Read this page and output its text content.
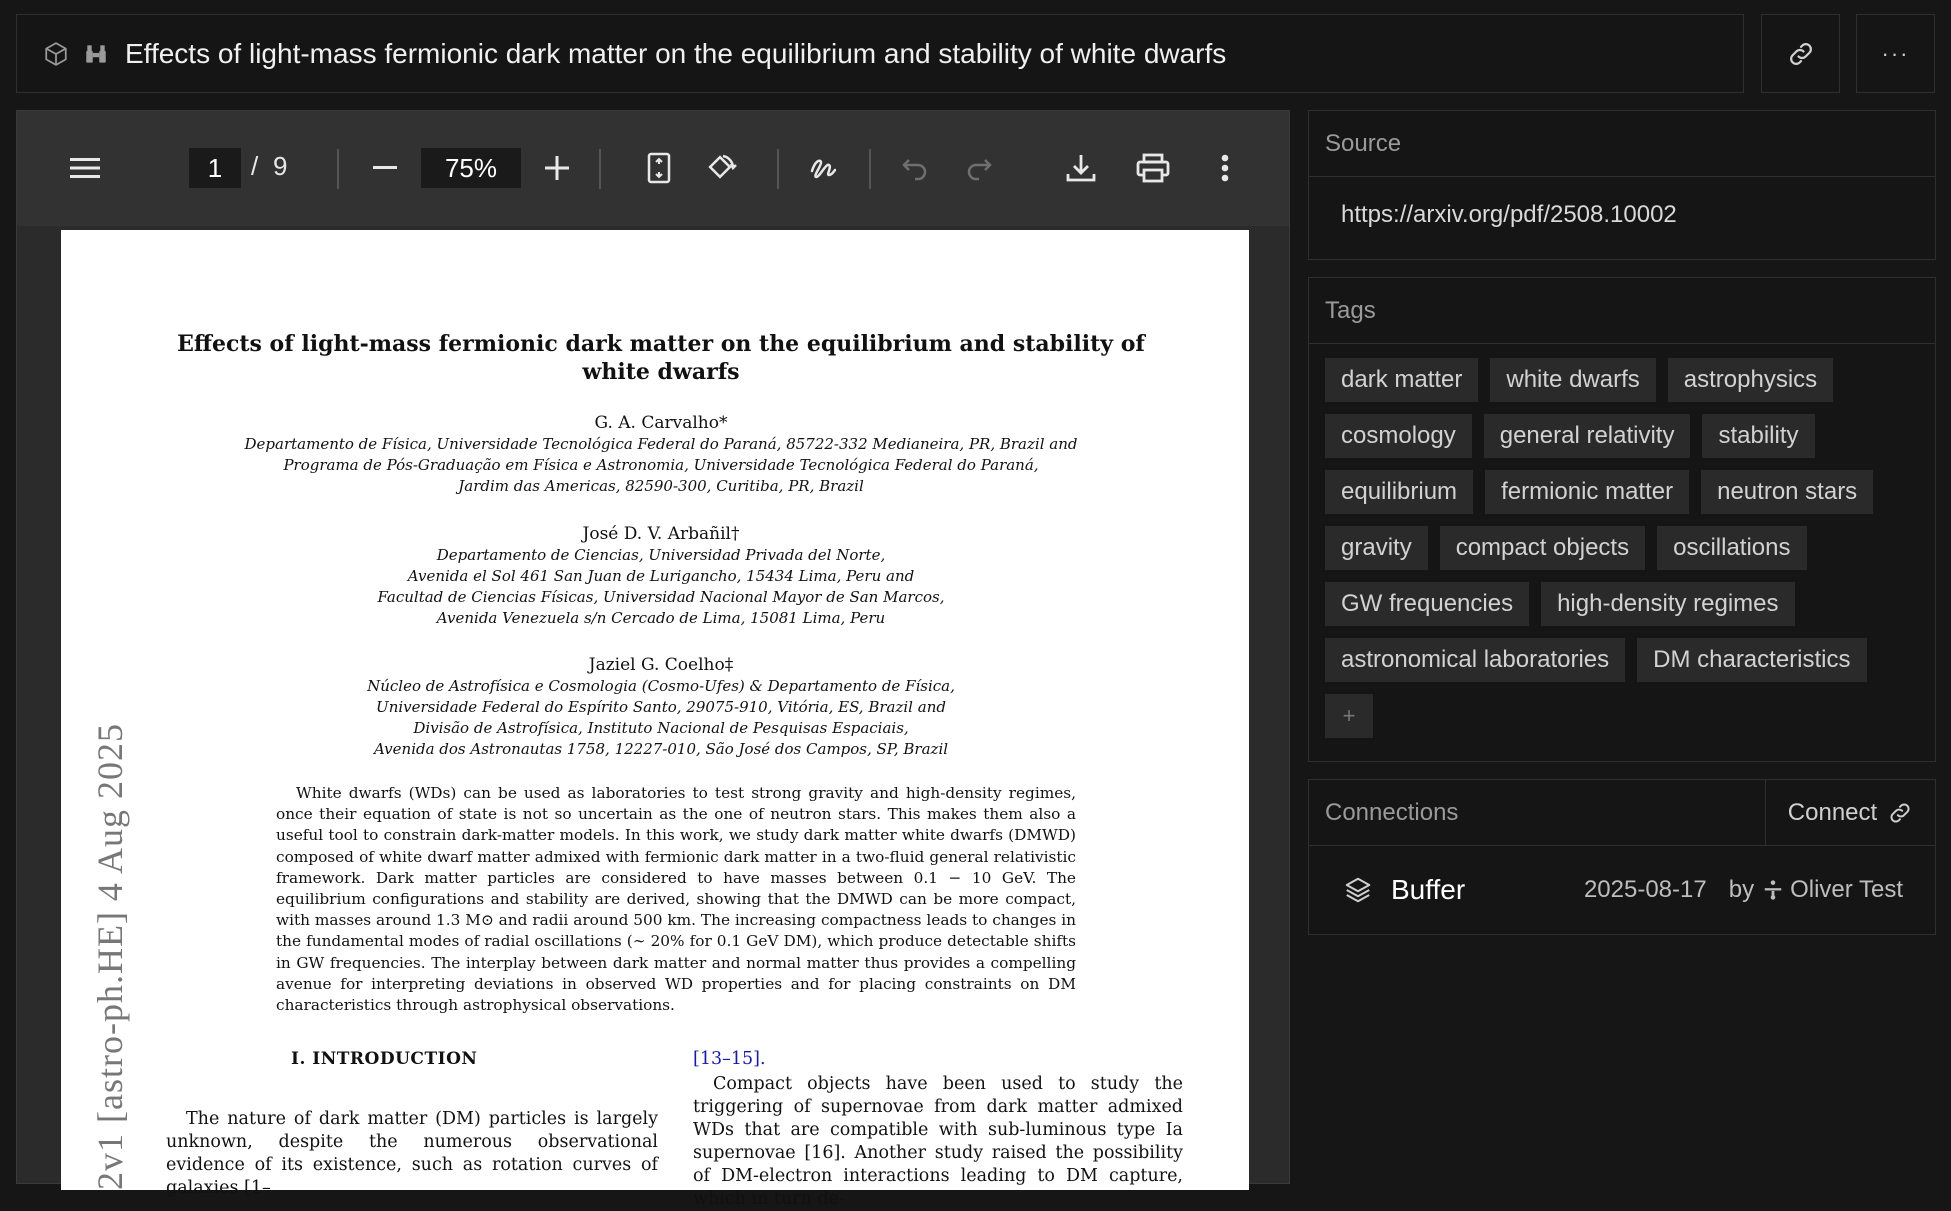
Effects of light-mass fermionic dark matter on the equilibrium and stability of white dwarfs	···
1	/ 9	75%
2v1 [astro-ph.HE] 4 Aug 2025
Effects of light-mass fermionic dark matter on the equilibrium and stability of white dwarfs
G. A. Carvalho*
Departamento de Física, Universidade Tecnológica Federal do Paraná, 85722-332 Medianeira, PR, Brazil and
Programa de Pós-Graduação em Física e Astronomia, Universidade Tecnológica Federal do Paraná,
Jardim das Americas, 82590-300, Curitiba, PR, Brazil
José D. V. Arbañil†
Departamento de Ciencias, Universidad Privada del Norte,
Avenida el Sol 461 San Juan de Lurigancho, 15434 Lima, Peru and
Facultad de Ciencias Físicas, Universidad Nacional Mayor de San Marcos,
Avenida Venezuela s/n Cercado de Lima, 15081 Lima, Peru
Jaziel G. Coelho‡
Núcleo de Astrofísica e Cosmologia (Cosmo-Ufes) & Departamento de Física,
Universidade Federal do Espírito Santo, 29075-910, Vitória, ES, Brazil and
Divisão de Astrofísica, Instituto Nacional de Pesquisas Espaciais,
Avenida dos Astronautas 1758, 12227-010, São José dos Campos, SP, Brazil
White dwarfs (WDs) can be used as laboratories to test strong gravity and high-density regimes, once their equation of state is not so uncertain as the one of neutron stars. This makes them also a useful tool to constrain dark-matter models. In this work, we study dark matter white dwarfs (DMWD) composed of white dwarf matter admixed with fermionic dark matter in a two-fluid general relativistic framework. Dark matter particles are considered to have masses between 0.1 − 10 GeV. The equilibrium configurations and stability are derived, showing that the DMWD can be more compact, with masses around 1.3 M⊙ and radii around 500 km. The increasing compactness leads to changes in the fundamental modes of radial oscillations (∼ 20% for 0.1 GeV DM), which produce detectable shifts in GW frequencies. The interplay between dark matter and normal matter thus provides a compelling avenue for interpreting deviations in observed WD properties and for placing constraints on DM characteristics through astrophysical observations.
I. INTRODUCTION
The nature of dark matter (DM) particles is largely unknown, despite the numerous observational evidence of its existence, such as rotation curves of galaxies [1–
[13–15].
Compact objects have been used to study the triggering of supernovae from dark matter admixed WDs that are compatible with sub-luminous type Ia supernovae [16]. Another study raised the possibility of DM-electron interactions leading to DM capture, which in turn de-
Source
https://arxiv.org/pdf/2508.10002
Tags
dark matter	white dwarfs	astrophysics
cosmology	general relativity	stability
equilibrium	fermionic matter	neutron stars
gravity	compact objects	oscillations
GW frequencies	high-density regimes
astronomical laboratories	DM characteristics
+
Connections	Connect
Buffer	2025-08-17 by Oliver Test
